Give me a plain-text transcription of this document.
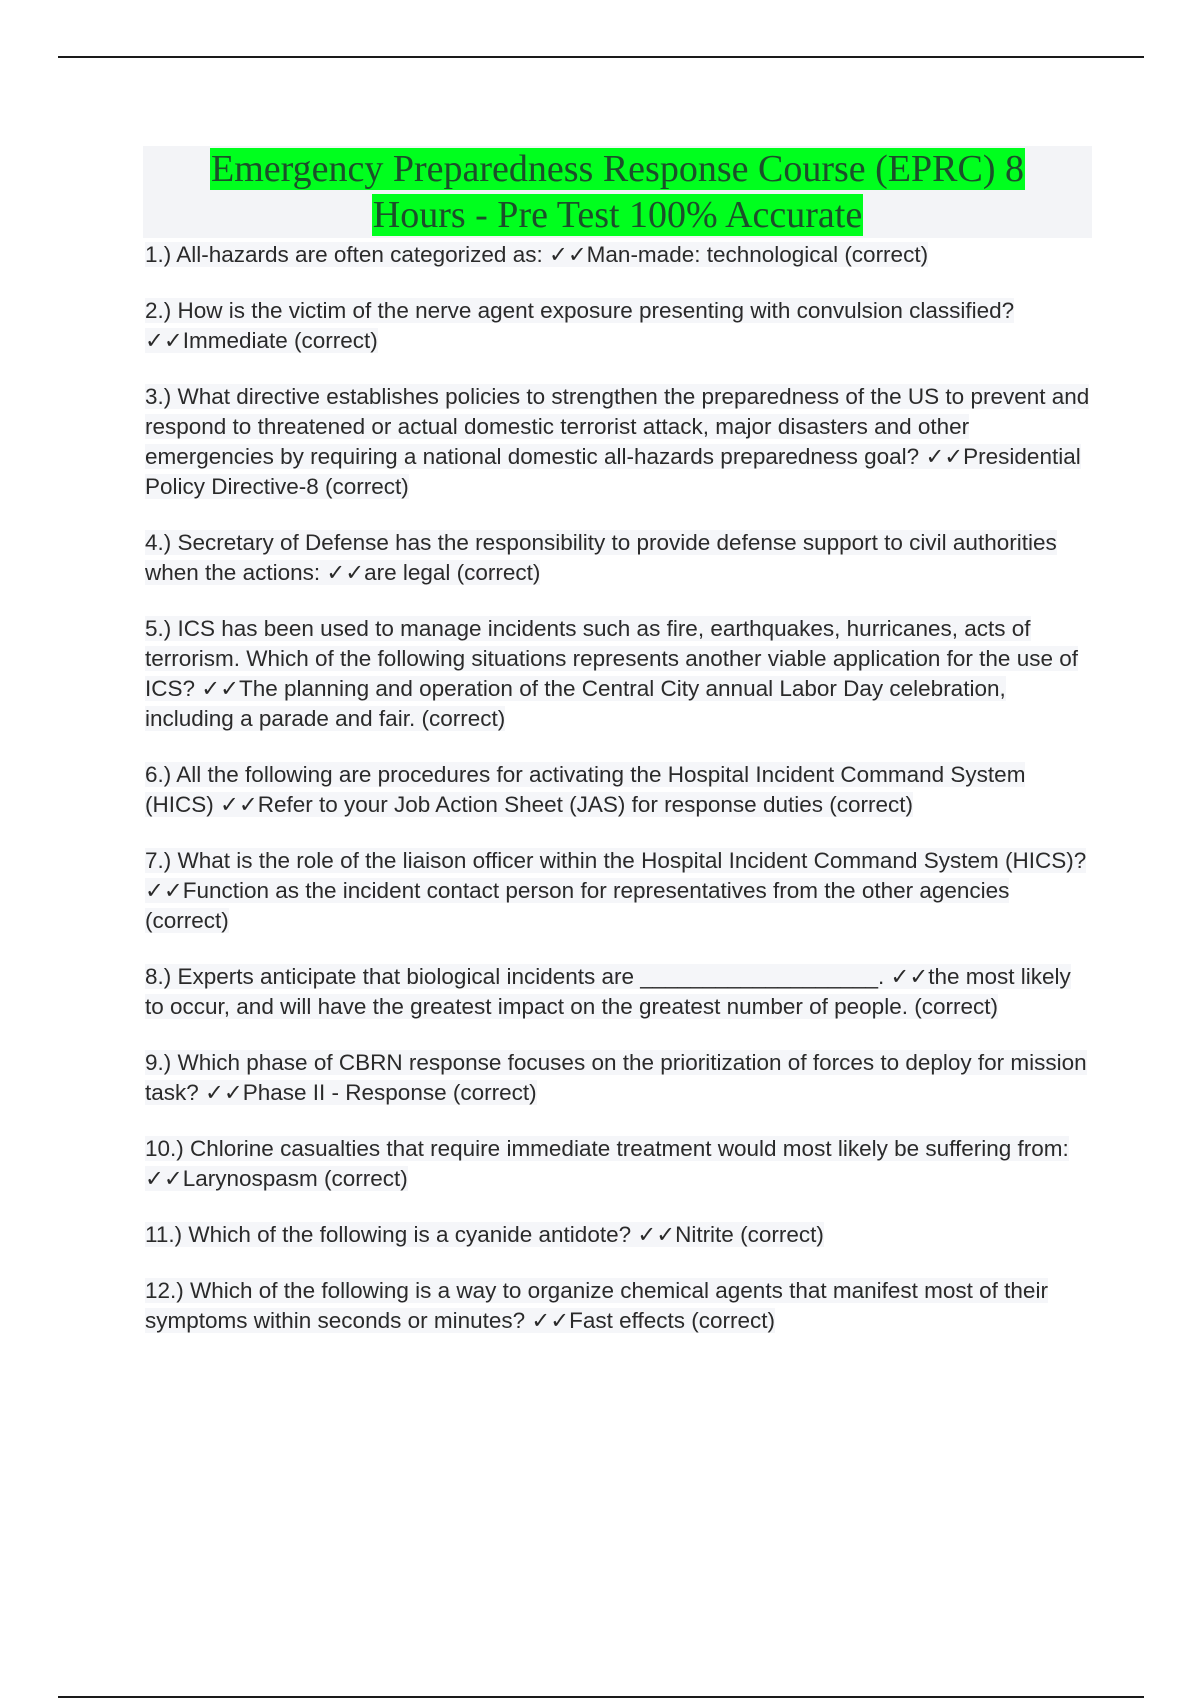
Emergency Preparedness Response Course (EPRC) 8
Hours - Pre Test 100% Accurate

1.) All-hazards are often categorized as: ✓✓Man-made: technological (correct)

2.) How is the victim of the nerve agent exposure presenting with convulsion classified? ✓✓Immediate (correct)

3.) What directive establishes policies to strengthen the preparedness of the US to prevent and respond to threatened or actual domestic terrorist attack, major disasters and other emergencies by requiring a national domestic all-hazards preparedness goal? ✓✓Presidential Policy Directive-8 (correct)

4.) Secretary of Defense has the responsibility to provide defense support to civil authorities when the actions: ✓✓are legal (correct)

5.) ICS has been used to manage incidents such as fire, earthquakes, hurricanes, acts of terrorism. Which of the following situations represents another viable application for the use of ICS? ✓✓The planning and operation of the Central City annual Labor Day celebration, including a parade and fair. (correct)

6.) All the following are procedures for activating the Hospital Incident Command System (HICS) ✓✓Refer to your Job Action Sheet (JAS) for response duties (correct)

7.) What is the role of the liaison officer within the Hospital Incident Command System (HICS)? ✓✓Function as the incident contact person for representatives from the other agencies (correct)

8.) Experts anticipate that biological incidents are ___________________. ✓✓the most likely to occur, and will have the greatest impact on the greatest number of people. (correct)

9.) Which phase of CBRN response focuses on the prioritization of forces to deploy for mission task? ✓✓Phase II - Response (correct)

10.) Chlorine casualties that require immediate treatment would most likely be suffering from: ✓✓Larynospasm (correct)

11.) Which of the following is a cyanide antidote? ✓✓Nitrite (correct)

12.) Which of the following is a way to organize chemical agents that manifest most of their symptoms within seconds or minutes? ✓✓Fast effects (correct)
